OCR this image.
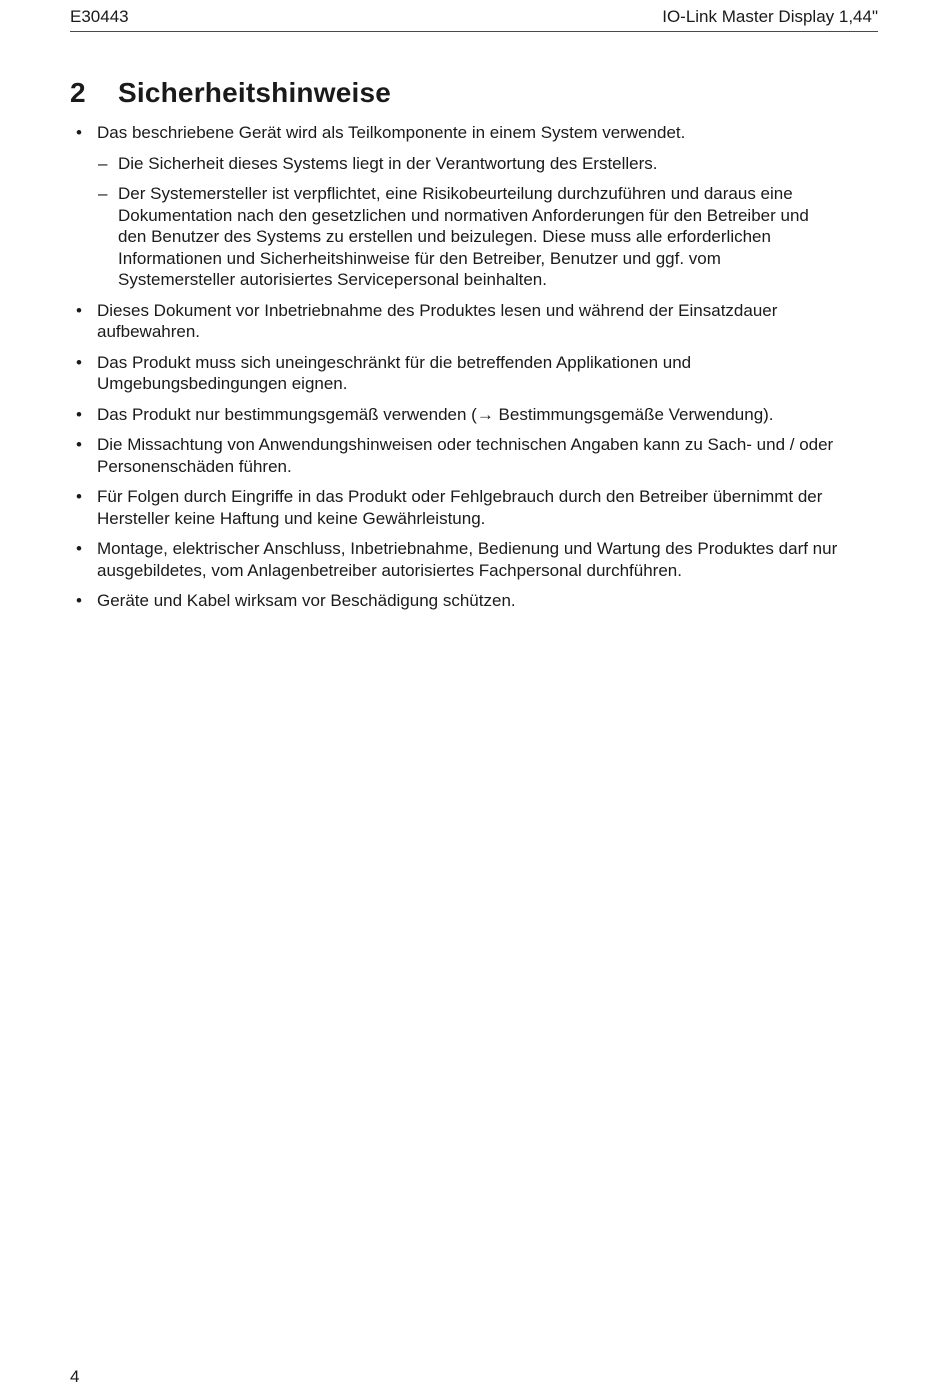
E30443	IO-Link Master Display 1,44"
2 Sicherheitshinweise
• Das beschriebene Gerät wird als Teilkomponente in einem System verwendet.
– Die Sicherheit dieses Systems liegt in der Verantwortung des Erstellers.
– Der Systemersteller ist verpflichtet, eine Risikobeurteilung durchzuführen und daraus eine Dokumentation nach den gesetzlichen und normativen Anforderungen für den Betreiber und den Benutzer des Systems zu erstellen und beizulegen. Diese muss alle erforderlichen Informationen und Sicherheitshinweise für den Betreiber, Benutzer und ggf. vom Systemersteller autorisiertes Servicepersonal beinhalten.
• Dieses Dokument vor Inbetriebnahme des Produktes lesen und während der Einsatzdauer aufbewahren.
• Das Produkt muss sich uneingeschränkt für die betreffenden Applikationen und Umgebungsbedingungen eignen.
• Das Produkt nur bestimmungsgemäß verwenden (→ Bestimmungsgemäße Verwendung).
• Die Missachtung von Anwendungshinweisen oder technischen Angaben kann zu Sach- und / oder Personenschäden führen.
• Für Folgen durch Eingriffe in das Produkt oder Fehlgebrauch durch den Betreiber übernimmt der Hersteller keine Haftung und keine Gewährleistung.
• Montage, elektrischer Anschluss, Inbetriebnahme, Bedienung und Wartung des Produktes darf nur ausgebildetes, vom Anlagenbetreiber autorisiertes Fachpersonal durchführen.
• Geräte und Kabel wirksam vor Beschädigung schützen.
4
